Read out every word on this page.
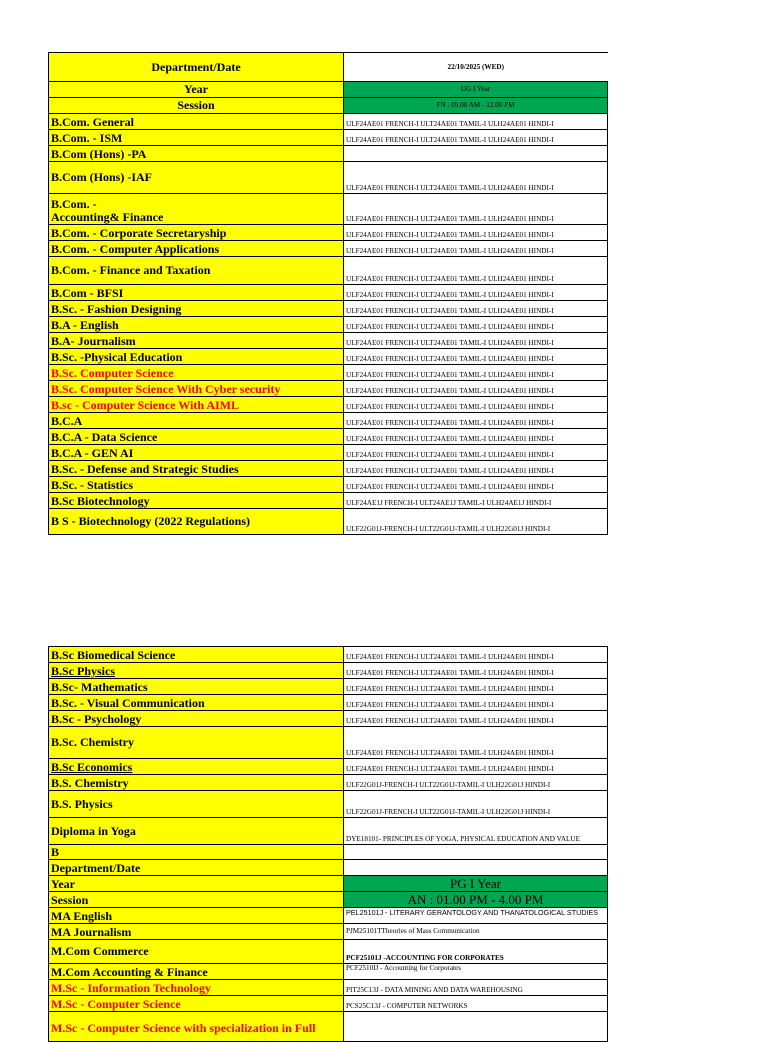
Department/Date	22/10/2025 (WED)
Year	UG I Year
Session	FN : 09.00 AM - 12.00 PM
B.Com. General	ULF24AE01 FRENCH-I ULT24AE01 TAMIL-I ULH24AE01 HINDI-I
B.Com. - ISM	ULF24AE01 FRENCH-I ULT24AE01 TAMIL-I ULH24AE01 HINDI-I
B.Com (Hons) -PA	
B.Com (Hons) -IAF	ULF24AE01 FRENCH-I ULT24AE01 TAMIL-I ULH24AE01 HINDI-I

B.Com. -
Accounting& Finance	ULF24AE01 FRENCH-I ULT24AE01 TAMIL-I ULH24AE01 HINDI-I
B.Com. - Corporate Secretaryship	ULF24AE01 FRENCH-I ULT24AE01 TAMIL-I ULH24AE01 HINDI-I
B.Com. - Computer Applications	ULF24AE01 FRENCH-I ULT24AE01 TAMIL-I ULH24AE01 HINDI-I
B.Com. - Finance and Taxation	ULF24AE01 FRENCH-I ULT24AE01 TAMIL-I ULH24AE01 HINDI-I
B.Com - BFSI	ULF24AE01 FRENCH-I ULT24AE01 TAMIL-I ULH24AE01 HINDI-I
B.Sc. - Fashion Designing	ULF24AE01 FRENCH-I ULT24AE01 TAMIL-I ULH24AE01 HINDI-I
B.A - English	ULF24AE01 FRENCH-I ULT24AE01 TAMIL-I ULH24AE01 HINDI-I
B.A- Journalism	ULF24AE01 FRENCH-I ULT24AE01 TAMIL-I ULH24AE01 HINDI-I
B.Sc. -Physical Education	ULF24AE01 FRENCH-I ULT24AE01 TAMIL-I ULH24AE01 HINDI-I
B.Sc. Computer Science	ULF24AE01 FRENCH-I ULT24AE01 TAMIL-I ULH24AE01 HINDI-I
B.Sc. Computer Science With Cyber security	ULF24AE01 FRENCH-I ULT24AE01 TAMIL-I ULH24AE01 HINDI-I
B.sc - Computer Science With AIML	ULF24AE01 FRENCH-I ULT24AE01 TAMIL-I ULH24AE01 HINDI-I
B.C.A	ULF24AE01 FRENCH-I ULT24AE01 TAMIL-I ULH24AE01 HINDI-I
B.C.A - Data Science	ULF24AE01 FRENCH-I ULT24AE01 TAMIL-I ULH24AE01 HINDI-I
B.C.A - GEN AI	ULF24AE01 FRENCH-I ULT24AE01 TAMIL-I ULH24AE01 HINDI-I
B.Sc. - Defense and Strategic Studies	ULF24AE01 FRENCH-I ULT24AE01 TAMIL-I ULH24AE01 HINDI-I
B.Sc. - Statistics	ULF24AE01 FRENCH-I ULT24AE01 TAMIL-I ULH24AE01 HINDI-I
B.Sc Biotechnology	ULF24AE1J FRENCH-I ULT24AE1J TAMIL-I ULH24AE1J HINDI-I
B S - Biotechnology (2022 Regulations)	ULF22G01J-FRENCH-I ULT22G01J-TAMIL-I ULH22G01J HINDI-I
B.Sc Biomedical Science	ULF24AE01 FRENCH-I ULT24AE01 TAMIL-I ULH24AE01 HINDI-I
B.Sc Physics	ULF24AE01 FRENCH-I ULT24AE01 TAMIL-I ULH24AE01 HINDI-I
B.Sc- Mathematics	ULF24AE01 FRENCH-I ULT24AE01 TAMIL-I ULH24AE01 HINDI-I
B.Sc. - Visual Communication	ULF24AE01 FRENCH-I ULT24AE01 TAMIL-I ULH24AE01 HINDI-I
B.Sc - Psychology	ULF24AE01 FRENCH-I ULT24AE01 TAMIL-I ULH24AE01 HINDI-I
B.Sc. Chemistry	ULF24AE01 FRENCH-I ULT24AE01 TAMIL-I ULH24AE01 HINDI-I
B.Sc Economics	ULF24AE01 FRENCH-I ULT24AE01 TAMIL-I ULH24AE01 HINDI-I
B.S. Chemistry	ULF22G01J-FRENCH-I ULT22G01J-TAMIL-I ULH22G01J HINDI-I
B.S. Physics	ULF22G01J-FRENCH-I ULT22G01J-TAMIL-I ULH22G01J HINDI-I
Diploma in Yoga	DYE18101- PRINCIPLES OF YOGA, PHYSICAL EDUCATION AND VALUE
B	
Department/Date	
Year	PG I Year
Session	AN : 01.00 PM - 4.00 PM
MA English	PEL25101J - LITERARY GERANTOLOGY AND THANATOLOGICAL STUDIES
MA Journalism	PJM25101TTheories of Mass Communication
M.Com Commerce	PCF25101J -ACCOUNTING FOR CORPORATES
M.Com Accounting & Finance	PCF2510IJ - Accounting for Corporates
M.Sc - Information Technology	PIT25C13J - DATA MINING AND DATA WAREHOUSING
M.Sc - Computer Science	PCS25C13J - COMPUTER NETWORKS
M.Sc - Computer Science with specialization in Full	
